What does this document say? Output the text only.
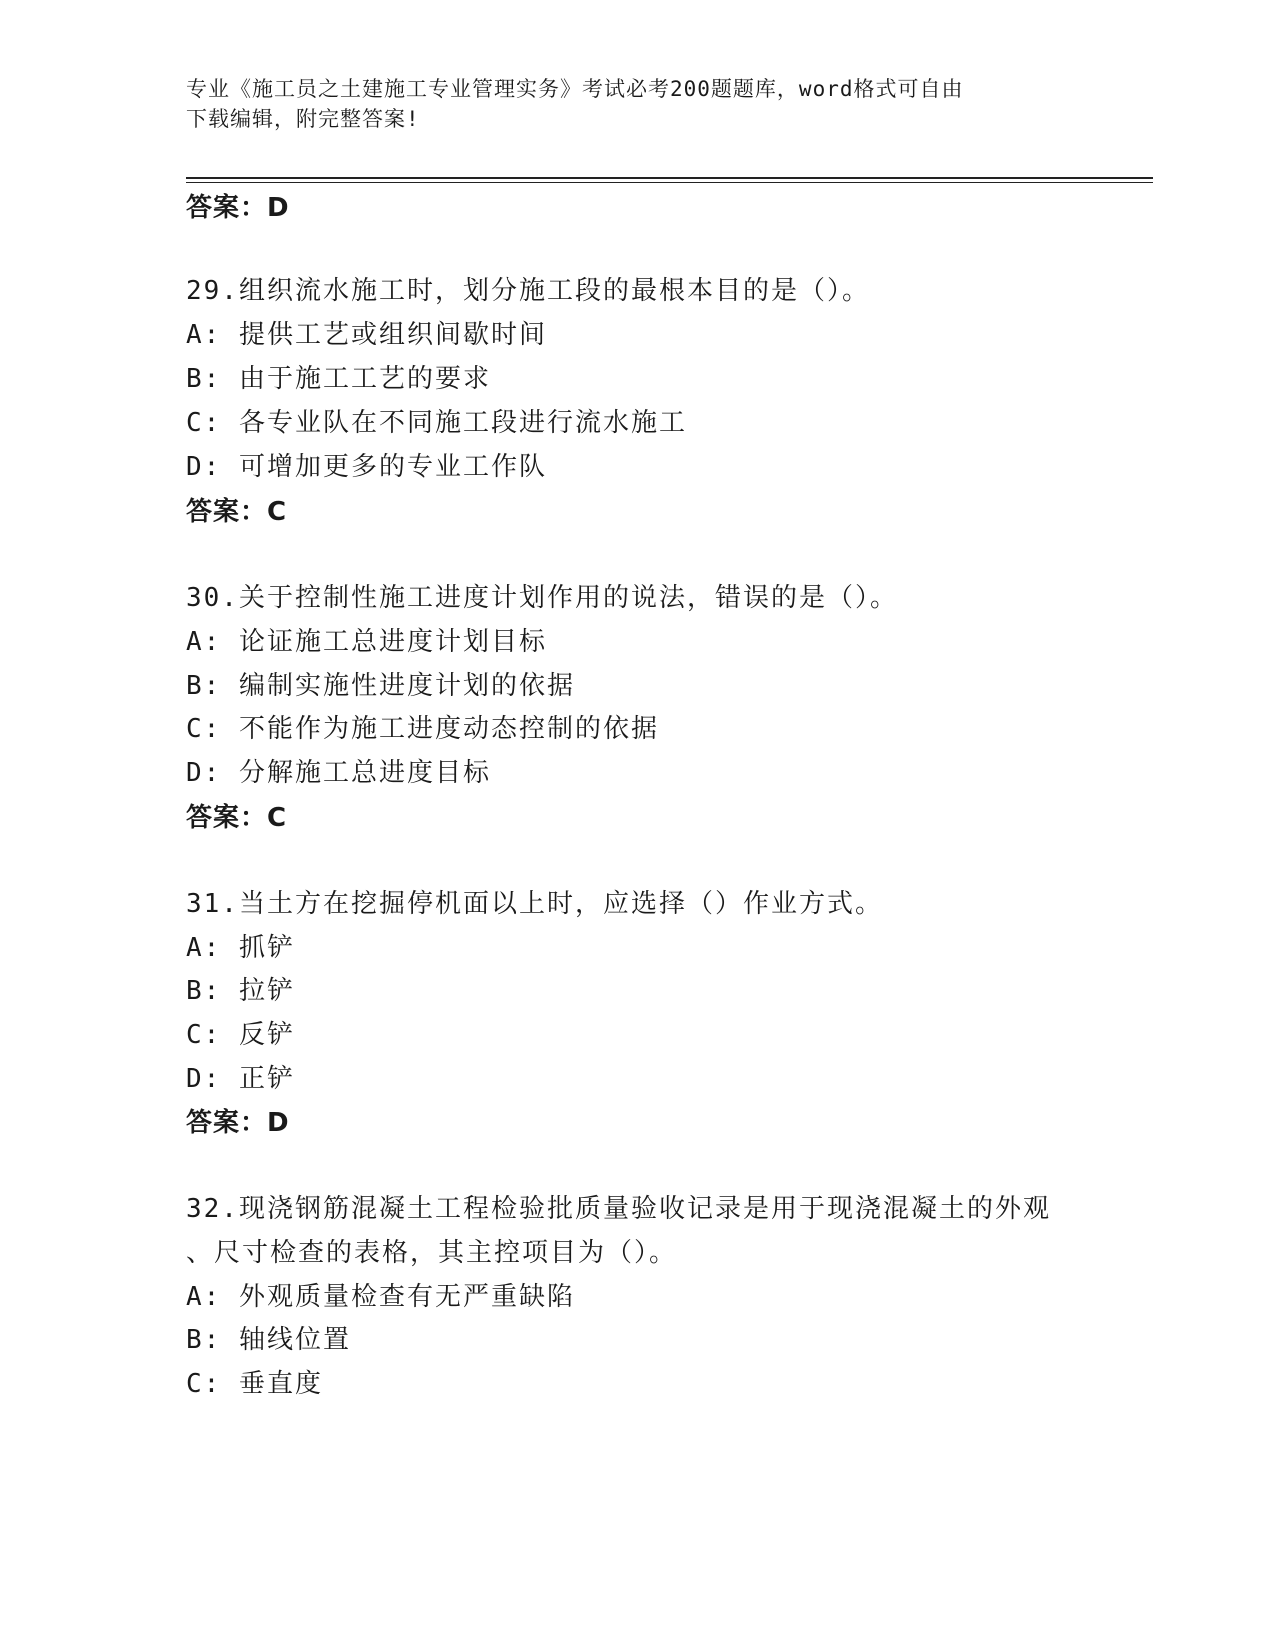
专业《施工员之土建施工专业管理实务》考试必考200题题库，word格式可自由
下载编辑，附完整答案!
答案：D
29.组织流水施工时，划分施工段的最根本目的是（）。
A: 提供工艺或组织间歇时间
B: 由于施工工艺的要求
C: 各专业队在不同施工段进行流水施工
D: 可增加更多的专业工作队
答案：C
30.关于控制性施工进度计划作用的说法，错误的是（）。
A: 论证施工总进度计划目标
B: 编制实施性进度计划的依据
C: 不能作为施工进度动态控制的依据
D: 分解施工总进度目标
答案：C
31.当土方在挖掘停机面以上时，应选择（）作业方式。
A: 抓铲
B: 拉铲
C: 反铲
D: 正铲
答案：D
32.现浇钢筋混凝土工程检验批质量验收记录是用于现浇混凝土的外观
、尺寸检查的表格，其主控项目为（）。
A: 外观质量检查有无严重缺陷
B: 轴线位置
C: 垂直度
